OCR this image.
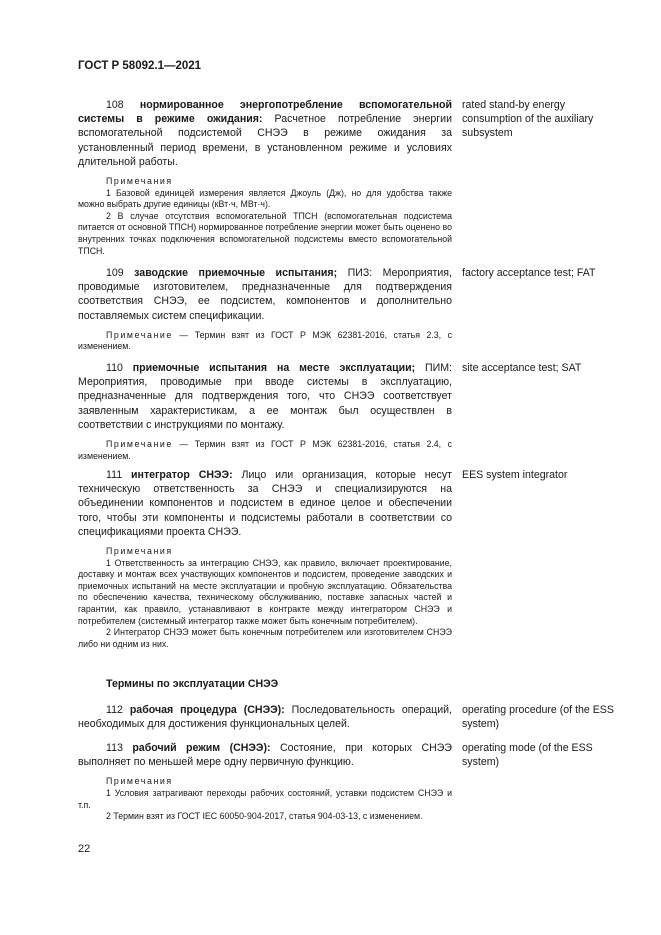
ГОСТ Р 58092.1—2021

108 нормированное энергопотребление вспомогательной системы в режиме ожидания: Расчетное потребление энергии вспомогательной подсистемой СНЭЭ в режиме ожидания за установленный период времени, в установленном режиме и условиях длительной работы.

Примечания

1 Базовой единицей измерения является Джоуль (Дж), но для удобства также можно выбрать другие единицы (кВт·ч, МВт·ч).

2 В случае отсутствия вспомогательной ТПСН (вспомогательная подсистема питается от основной ТПСН) нормированное потребление энергии может быть оценено во внутренних точках подключения вспомогательной подсистемы вместо вспомогательной ТПСН.

rated stand-by energy consumption of the auxiliary subsystem

109 заводские приемочные испытания; ПИЗ: Мероприятия, проводимые изготовителем, предназначенные для подтверждения соответствия СНЭЭ, ее подсистем, компонентов и дополнительно поставляемых систем спецификации.

Примечание — Термин взят из ГОСТ Р МЭК 62381-2016, статья 2.3, с изменением.

factory acceptance test; FAT

110 приемочные испытания на месте эксплуатации; ПИМ: Мероприятия, проводимые при вводе системы в эксплуатацию, предназначенные для подтверждения того, что СНЭЭ соответствует заявленным характеристикам, а ее монтаж был осуществлен в соответствии с инструкциями по монтажу.

Примечание — Термин взят из ГОСТ Р МЭК 62381-2016, статья 2.4, с изменением.

site acceptance test; SAT

111 интегратор СНЭЭ: Лицо или организация, которые несут техническую ответственность за СНЭЭ и специализируются на объединении компонентов и подсистем в единое целое и обеспечении того, чтобы эти компоненты и подсистемы работали в соответствии со спецификациями проекта СНЭЭ.

Примечания

1 Ответственность за интеграцию СНЭЭ, как правило, включает проектирование, доставку и монтаж всех участвующих компонентов и подсистем, проведение заводских и приемочных испытаний на месте эксплуатации и пробную эксплуатацию. Обязательства по обеспечению качества, техническому обслуживанию, поставке запасных частей и гарантии, как правило, устанавливают в контракте между интегратором СНЭЭ и потребителем (системный интегратор также может быть конечным потребителем).

2 Интегратор СНЭЭ может быть конечным потребителем или изготовителем СНЭЭ либо ни одним из них.

EES system integrator
Термины по эксплуатации СНЭЭ

112 рабочая процедура (СНЭЭ): Последовательность операций, необходимых для достижения функциональных целей.

operating procedure (of the ESS system)

113 рабочий режим (СНЭЭ): Состояние, при которых СНЭЭ выполняет по меньшей мере одну первичную функцию.

Примечания

1 Условия затрагивают переходы рабочих состояний, уставки подсистем СНЭЭ и т.п.

2 Термин взят из ГОСТ IEC 60050-904-2017, статья 904-03-13, с изменением.

operating mode (of the ESS system)
22
